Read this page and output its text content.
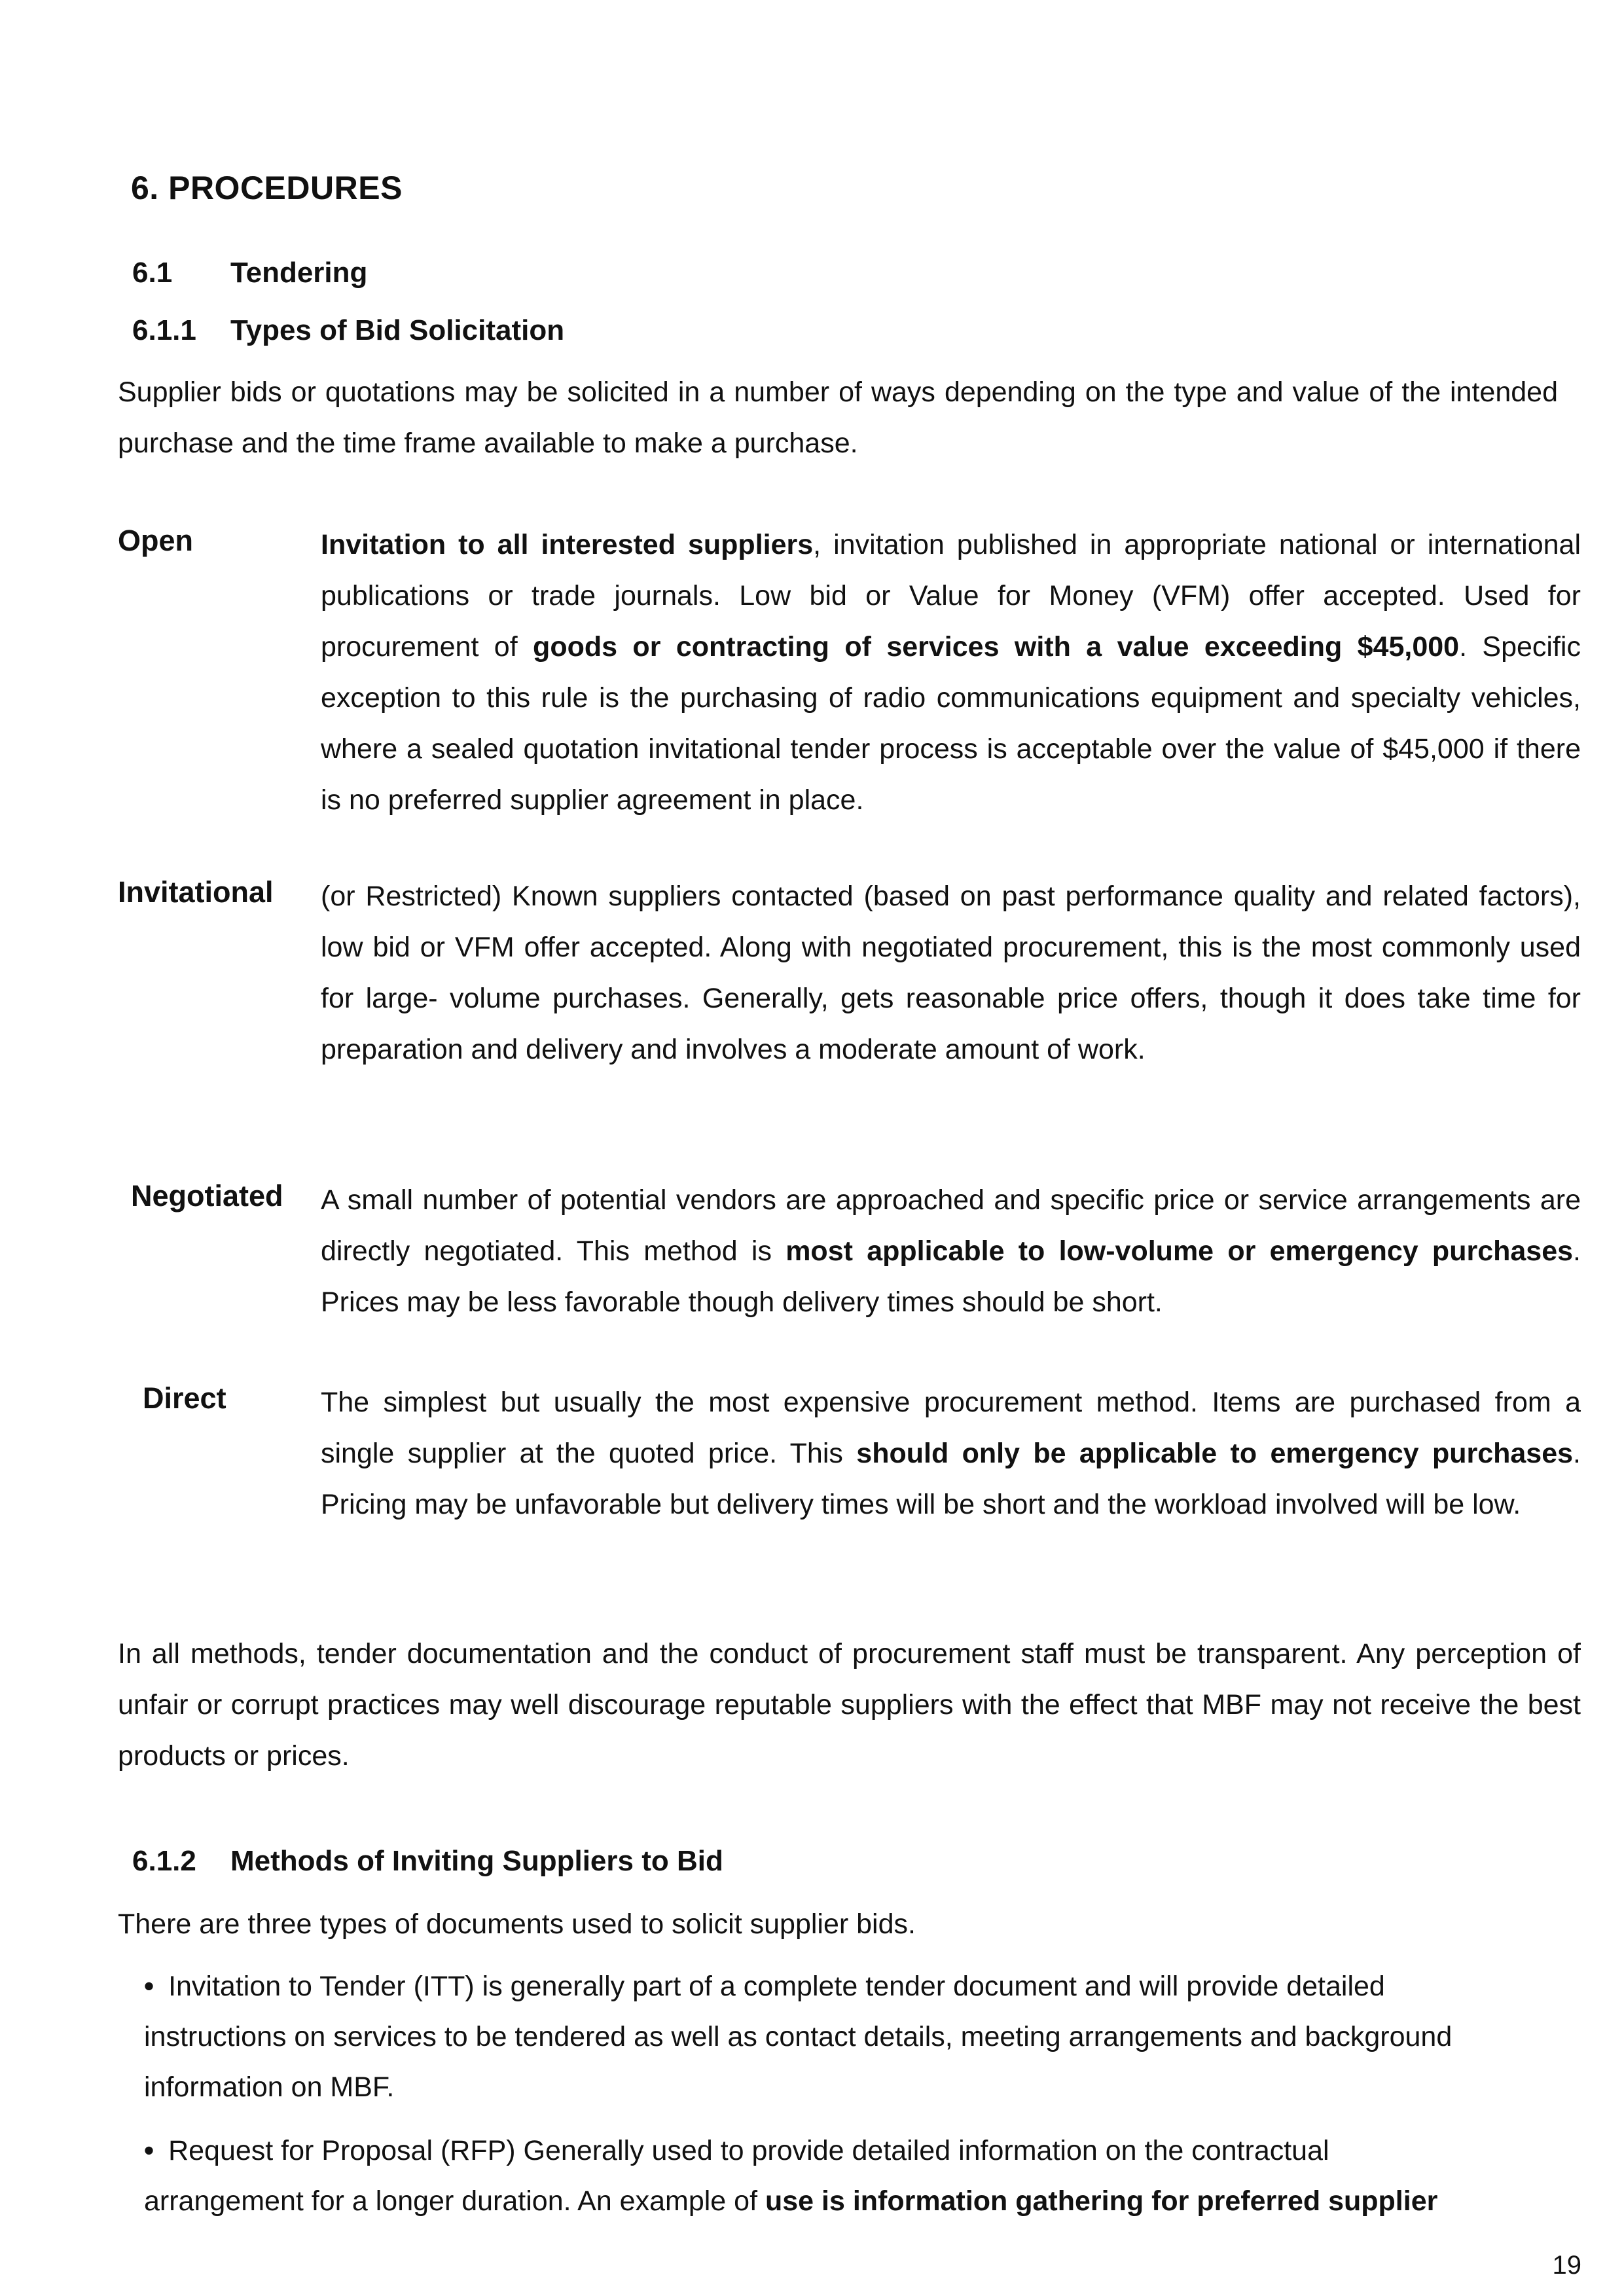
6. PROCEDURES
6.1 Tendering
6.1.1 Types of Bid Solicitation
Supplier bids or quotations may be solicited in a number of ways depending on the type and value of the intended purchase and the time frame available to make a purchase.
Open	Invitation to all interested suppliers, invitation published in appropriate national or international publications or trade journals. Low bid or Value for Money (VFM) offer accepted. Used for procurement of goods or contracting of services with a value exceeding $45,000. Specific exception to this rule is the purchasing of radio communications equipment and specialty vehicles, where a sealed quotation invitational tender process is acceptable over the value of $45,000 if there is no preferred supplier agreement in place.
Invitational (or Restricted) Known suppliers contacted (based on past performance quality and related factors), low bid or VFM offer accepted. Along with negotiated procurement, this is the most commonly used for large- volume purchases. Generally, gets reasonable price offers, though it does take time for preparation and delivery and involves a moderate amount of work.
Negotiated A small number of potential vendors are approached and specific price or service arrangements are directly negotiated. This method is most applicable to low-volume or emergency purchases. Prices may be less favorable though delivery times should be short.
Direct	The simplest but usually the most expensive procurement method. Items are purchased from a single supplier at the quoted price. This should only be applicable to emergency purchases. Pricing may be unfavorable but delivery times will be short and the workload involved will be low.
In all methods, tender documentation and the conduct of procurement staff must be transparent. Any perception of unfair or corrupt practices may well discourage reputable suppliers with the effect that MBF may not receive the best products or prices.
6.1.2 Methods of Inviting Suppliers to Bid
There are three types of documents used to solicit supplier bids.
• Invitation to Tender (ITT) is generally part of a complete tender document and will provide detailed instructions on services to be tendered as well as contact details, meeting arrangements and background information on MBF.
• Request for Proposal (RFP) Generally used to provide detailed information on the contractual arrangement for a longer duration. An example of use is information gathering for preferred supplier
19
